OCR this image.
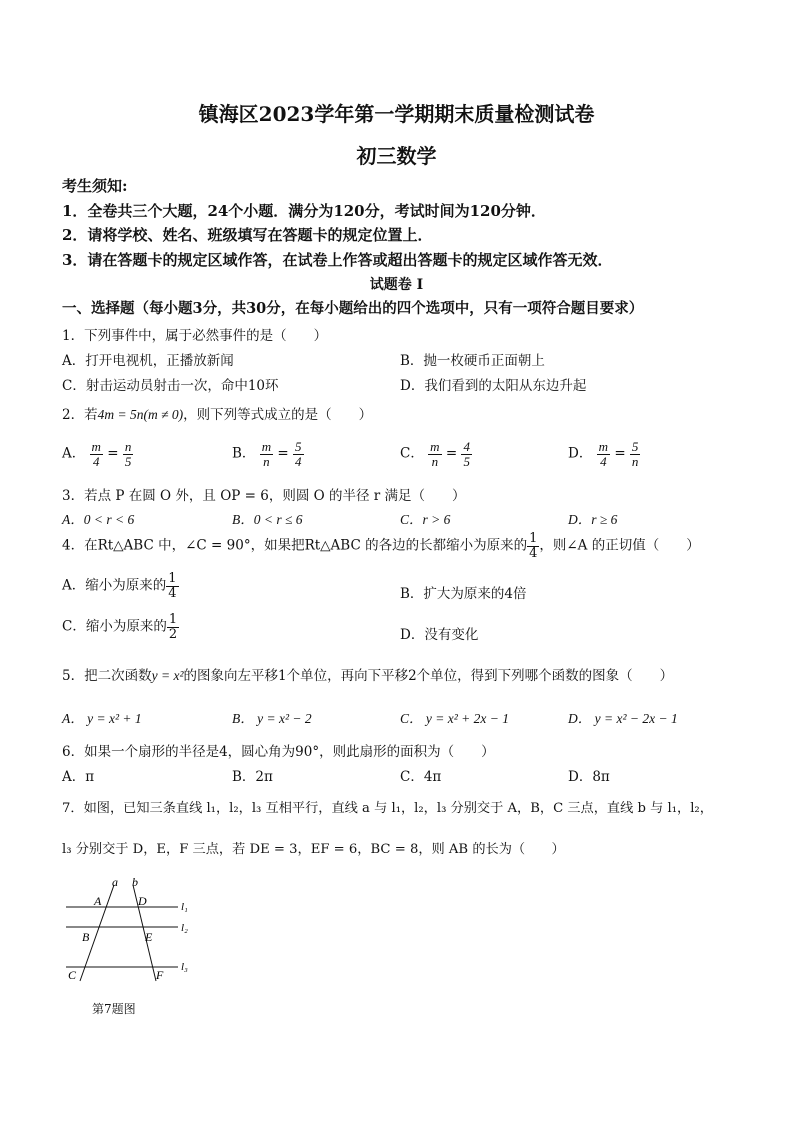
镇海区2023学年第一学期期末质量检测试卷
初三数学
考生须知:
1．全卷共三个大题，24个小题．满分为120分，考试时间为120分钟．
2．请将学校、姓名、班级填写在答题卡的规定位置上．
3．请在答题卡的规定区域作答，在试卷上作答或超出答题卡的规定区域作答无效．
试题卷 I
一、选择题（每小题3分，共30分，在每小题给出的四个选项中，只有一项符合题目要求）
1．下列事件中，属于必然事件的是（　　）
A．打开电视机，正播放新闻	B．抛一枚硬币正面朝上
C．射击运动员射击一次，命中10环	D．我们看到的太阳从东边升起
2．若4m = 5n(m ≠ 0)，则下列等式成立的是（　　）
A． $\frac{m}{4} = \frac{n}{5}$	B． $\frac{m}{n} = \frac{5}{4}$	C． $\frac{m}{n} = \frac{4}{5}$	D． $\frac{m}{4} = \frac{5}{n}$
3．若点 P 在圆 O 外，且 OP = 6，则圆 O 的半径 r 满足（　　）
A．0 < r < 6	B．0 < r ≤ 6	C．r > 6	D．r ≥ 6
4．在Rt△ABC 中，∠C = 90°，如果把Rt△ABC 的各边的长都缩小为原来的 $\frac{1}{4}$ ，则∠A 的正切值（　　）
A．缩小为原来的 $\frac{1}{4}$	B．扩大为原来的4倍
C．缩小为原来的 $\frac{1}{2}$	D．没有变化
5．把二次函数y = x²的图象向左平移1个单位，再向下平移2个单位，得到下列哪个函数的图象（　　）
A． y = x² + 1	B． y = x² − 2	C． y = x² + 2x − 1	D． y = x² − 2x − 1
6．如果一个扇形的半径是4，圆心角为90°，则此扇形的面积为（　　）
A．π	B．2π	C．4π	D．8π
7．如图，已知三条直线 l₁，l₂，l₃ 互相平行，直线 a 与 l₁，l₂，l₃ 分别交于 A，B，C 三点，直线 b 与 l₁，l₂，
l₃ 分别交于 D，E，F 三点，若 DE = 3，EF = 6，BC = 8，则 AB 的长为（　　）
a b
A	D
B	E
C	F
l₁
l₂
l₃
第7题图
